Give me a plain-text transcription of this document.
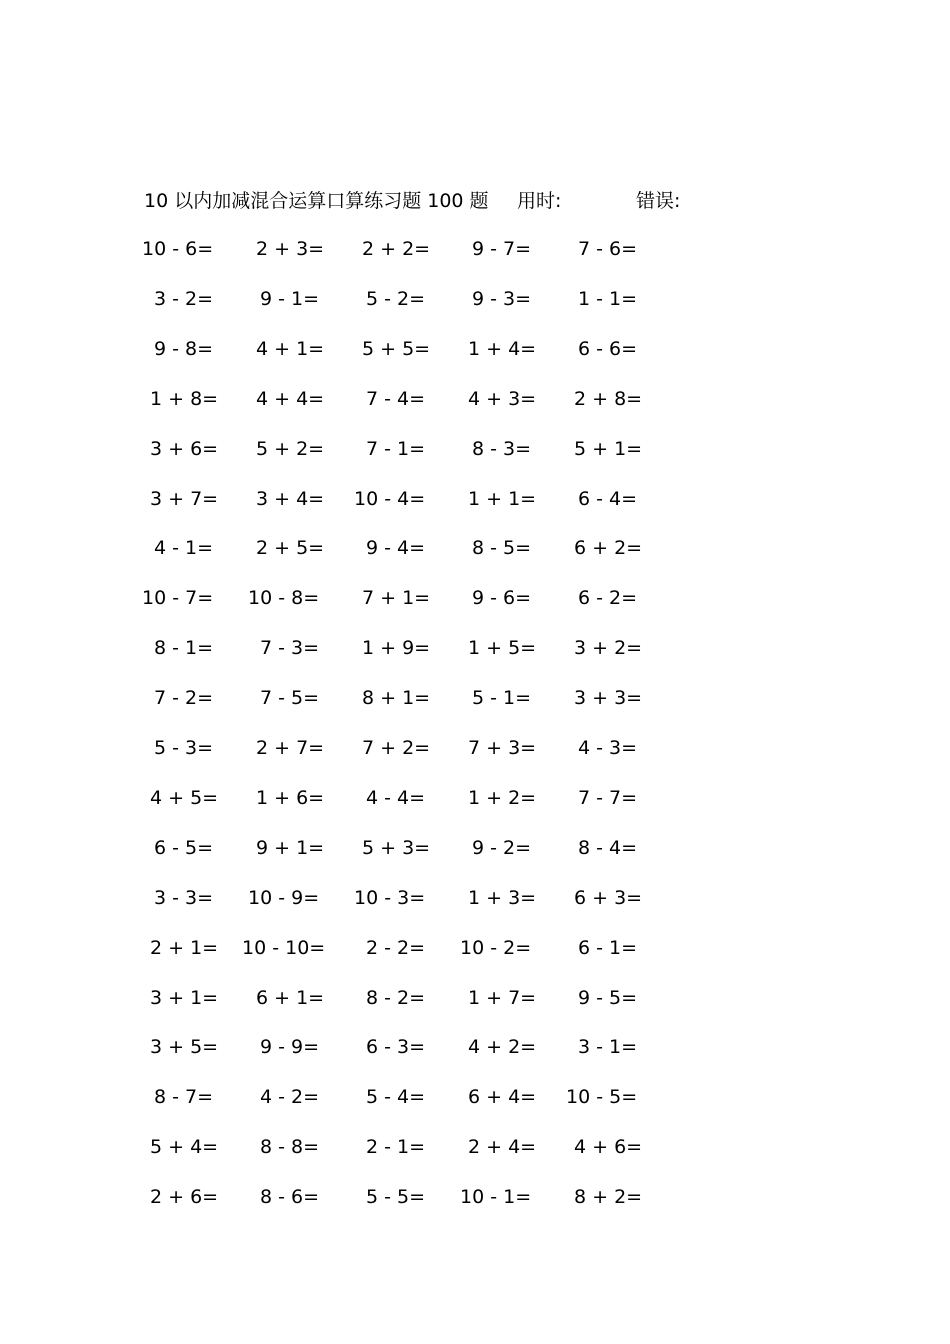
10 以内加减混合运算口算练习题 100 题 用时:	错误:
10 - 6= 2 + 3= 2 + 2= 9 - 7= 7 - 6=
3 - 2= 9 - 1= 5 - 2= 9 - 3= 1 - 1=
9 - 8= 4 + 1= 5 + 5= 1 + 4= 6 - 6=
1 + 8= 4 + 4= 7 - 4= 4 + 3= 2 + 8=
3 + 6= 5 + 2= 7 - 1= 8 - 3= 5 + 1=
3 + 7= 3 + 4= 10 - 4= 1 + 1= 6 - 4=
4 - 1= 2 + 5= 9 - 4= 8 - 5= 6 + 2=
10 - 7= 10 - 8= 7 + 1= 9 - 6= 6 - 2=
8 - 1= 7 - 3= 1 + 9= 1 + 5= 3 + 2=
7 - 2= 7 - 5= 8 + 1= 5 - 1= 3 + 3=
5 - 3= 2 + 7= 7 + 2= 7 + 3= 4 - 3=
4 + 5= 1 + 6= 4 - 4= 1 + 2= 7 - 7=
6 - 5= 9 + 1= 5 + 3= 9 - 2= 8 - 4=
3 - 3= 10 - 9= 10 - 3= 1 + 3= 6 + 3=
2 + 1= 10 - 10= 2 - 2= 10 - 2= 6 - 1=
3 + 1= 6 + 1= 8 - 2= 1 + 7= 9 - 5=
3 + 5= 9 - 9= 6 - 3= 4 + 2= 3 - 1=
8 - 7= 4 - 2= 5 - 4= 6 + 4= 10 - 5=
5 + 4= 8 - 8= 2 - 1= 2 + 4= 4 + 6=
2 + 6= 8 - 6= 5 - 5= 10 - 1= 8 + 2=
